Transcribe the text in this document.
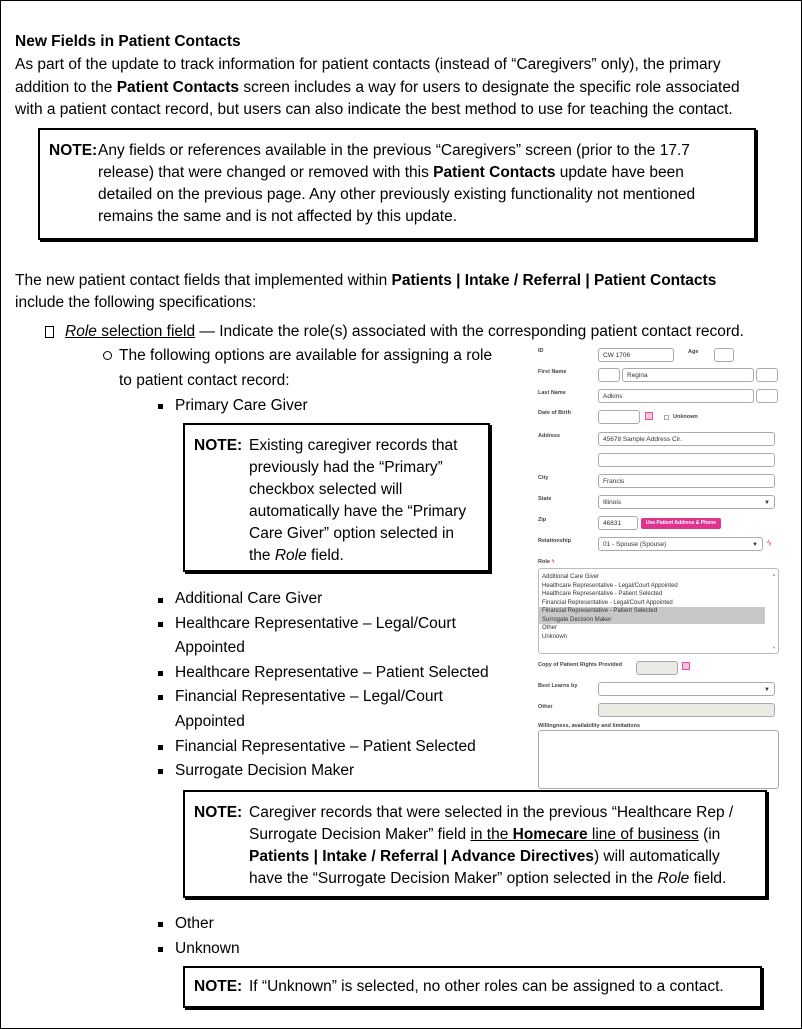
New Fields in Patient Contacts
As part of the update to track information for patient contacts (instead of “Caregivers” only), the primary
addition to the Patient Contacts screen includes a way for users to designate the specific role associated
with a patient contact record, but users can also indicate the best method to use for teaching the contact.
NOTE: Any fields or references available in the previous “Caregivers” screen (prior to the 17.7
release) that were changed or removed with this Patient Contacts update have been
detailed on the previous page. Any other previously existing functionality not mentioned
remains the same and is not affected by this update.
The new patient contact fields that implemented within Patients | Intake / Referral | Patient Contacts
include the following specifications:
Role selection field — Indicate the role(s) associated with the corresponding patient contact record.
The following options are available for assigning a role
to patient contact record:
Primary Care Giver
NOTE: Existing caregiver records that
previously had the “Primary”
checkbox selected will
automatically have the “Primary
Care Giver” option selected in
the Role field.
Additional Care Giver
Healthcare Representative – Legal/Court
Appointed
Healthcare Representative – Patient Selected
Financial Representative – Legal/Court
Appointed
Financial Representative – Patient Selected
Surrogate Decision Maker
NOTE: Caregiver records that were selected in the previous “Healthcare Rep /
Surrogate Decision Maker” field in the Homecare line of business (in
Patients | Intake / Referral | Advance Directives) will automatically
have the “Surrogate Decision Maker” option selected in the Role field.
Other
Unknown
NOTE: If “Unknown” is selected, no other roles can be assigned to a contact.
ID
CW 1706	Age
First Name	Regina
Last Name	Adkins
Date of Birth
Unknown
Address	45678 Sample Address Cir.
City	Francis
State	Illinois	▼
Zip	46831	Use Patient Address & Phone
Relationship	01 - Spouse (Spouse)	▼ ϟ
Role ϟ
Additional Care Giver
Healthcare Representative - Legal/Court Appointed
Healthcare Representative - Patient Selected
Financial Representative - Legal/Court Appointed
Financial Representative - Patient Selected
Surrogate Decision Maker
Other
Unknown
▲
▼
Copy of Patient Rights Provided
Best Learns by
▼
Other
Willingness, availability and limitations
